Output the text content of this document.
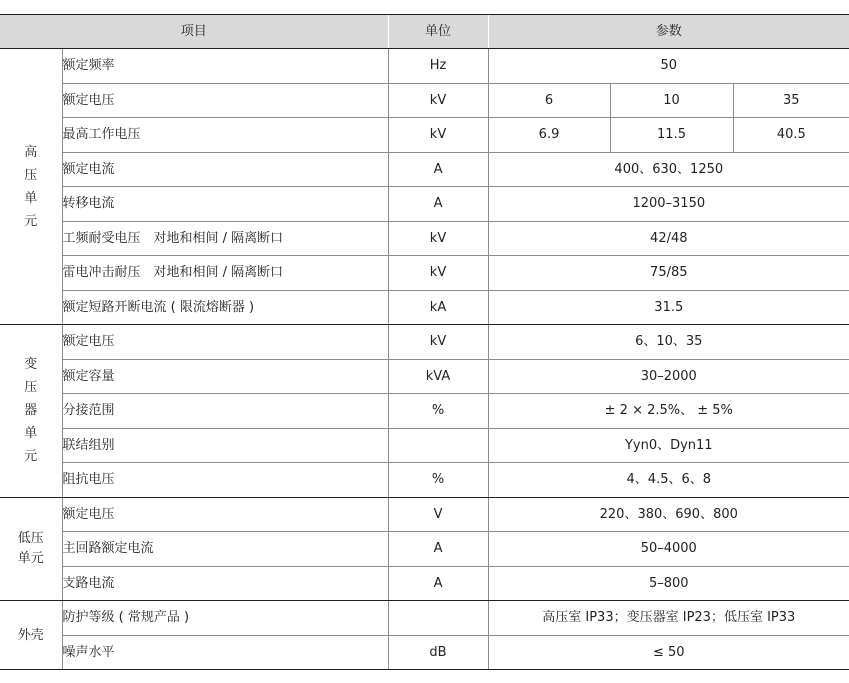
项目		单位	参数		
高压单元	额定频率	Hz	50		
	额定电压	kV	6	10	35
	最高工作电压	kV	6.9	11.5	40.5
	额定电流	A	400、630、1250		
	转移电流	A	1200–3150		
	工频耐受电压　对地和相间 / 隔离断口	kV	42/48		
	雷电冲击耐压　对地和相间 / 隔离断口	kV	75/85		
	额定短路开断电流 ( 限流熔断器 )	kA	31.5		
变压器单元	额定电压	kV	6、10、35		
	额定容量	kVA	30–2000		
	分接范围	%	± 2 × 2.5%、 ± 5%		
	联结组别		Yyn0、Dyn11		
	阻抗电压	%	4、4.5、6、8		
低压单元	额定电压	V	220、380、690、800		
	主回路额定电流	A	50–4000		
	支路电流	A	5–800		
外壳	防护等级 ( 常规产品 )		高压室 IP33；变压器室 IP23；低压室 IP33		
	噪声水平	dB	≤ 50		
